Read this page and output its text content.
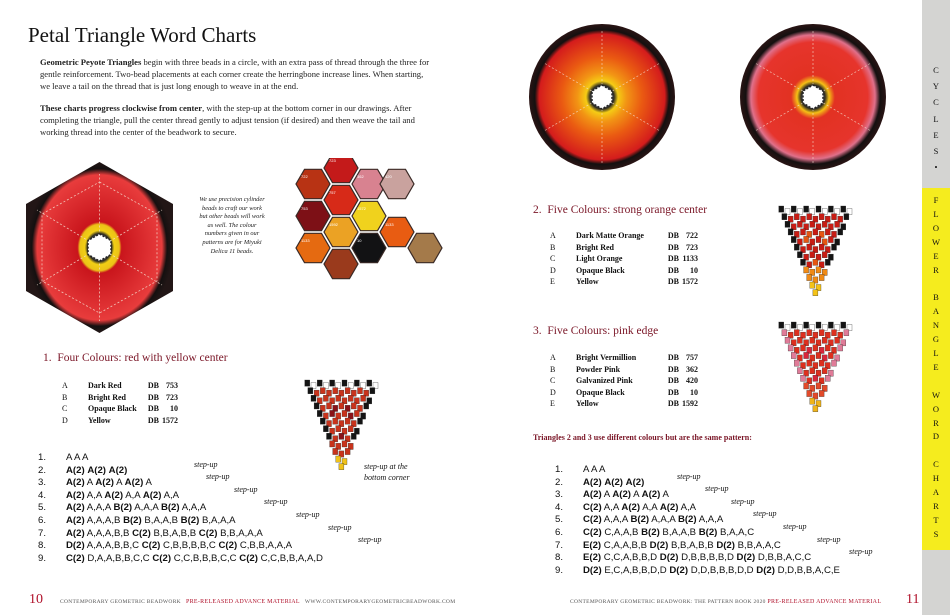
Petal Triangle Word Charts

Geometric Peyote Triangles begin with three beads in a circle, with an extra pass of thread through the three for gentle reinforcement. Two-bead placements at each corner create the herringbone increase lines. When starting, we leave a tail on the thread that is just long enough to weave in at the end.

These charts progress clockwise from center, with the step-up at the bottom corner in our drawings. After completing the triangle, pull the center thread gently to adjust tension (if desired) and then weave the tail and working thread into the center of the beadwork to secure.

We use precision cylinder beads to craft our work but other beads will work as well. The colour numbers given in our patterns are for Miyuki Delica 11 beads.
722
723
362
753
757
1572
420
1133
1592
10
1133
1. Four Colours: red with yellow center
A	Dark Red	DB	753
B	Bright Red	DB	723
C	Opaque Black	DB	10
D	Yellow	DB	1572
1. A A A
2. A(2) A(2) A(2)
step-up
3. A(2) A A(2) A A(2) A
step-up
4. A(2) A,A A(2) A,A A(2) A,A
step-up
5. A(2) A,A,A B(2) A,A,A B(2) A,A,A
step-up
6. A(2) A,A,A,B B(2) B,A,A,B B(2) B,A,A,A
step-up
7. A(2) A,A,A,B,B C(2) B,B,A,B,B C(2) B,B,A,A,A
step-up
8. D(2) A,A,A,B,B,C C(2) C,B,B,B,B,C C(2) C,B,B,A,A,A
step-up
9. C(2) D,A,A,B,B,C,C C(2) C,C,B,B,B,C,C C(2) C,C,B,B,A,A,D
step-up at the bottom corner
10	CONTEMPORARY GEOMETRIC BEADWORK PRE-RELEASED ADVANCE MATERIAL WWW.CONTEMPORARYGEOMETRICBEADWORK.COM
2. Five Colours: strong orange center
A	Dark Matte Orange	DB	722
B	Bright Red	DB	723
C	Light Orange	DB	1133
D	Opaque Black	DB	10
E	Yellow	DB	1572
3. Five Colours: pink edge
A	Bright Vermillion	DB	757
B	Powder Pink	DB	362
C	Galvanized Pink	DB	420
D	Opaque Black	DB	10
E	Yellow	DB	1592
Triangles 2 and 3 use different colours but are the same pattern:
1. A A A
2. A(2) A(2) A(2)
step-up
3. A(2) A A(2) A A(2) A
step-up
4. C(2) A,A A(2) A,A A(2) A,A
step-up
5. C(2) A,A,A B(2) A,A,A B(2) A,A,A
step-up
6. C(2) C,A,A,B B(2) B,A,A,B B(2) B,A,A,C
step-up
7. E(2) C,A,A,B,B D(2) B,B,A,B,B D(2) B,B,A,A,C
step-up
8. E(2) C,C,A,B,B,D D(2) D,B,B,B,B,D D(2) D,B,B,A,C,C
step-up
9. D(2) E,C,A,B,B,D,D D(2) D,D,B,B,B,D,D D(2) D,D,B,B,A,C,E
CONTEMPORARY GEOMETRIC BEADWORK: THE PATTERN BOOK 2020 PRE-RELEASED ADVANCE MATERIAL 11
C
Y
C
L
E
S
•
F
L
O
W
E
R

B
A
N
G
L
E

W
O
R
D

C
H
A
R
T
S
